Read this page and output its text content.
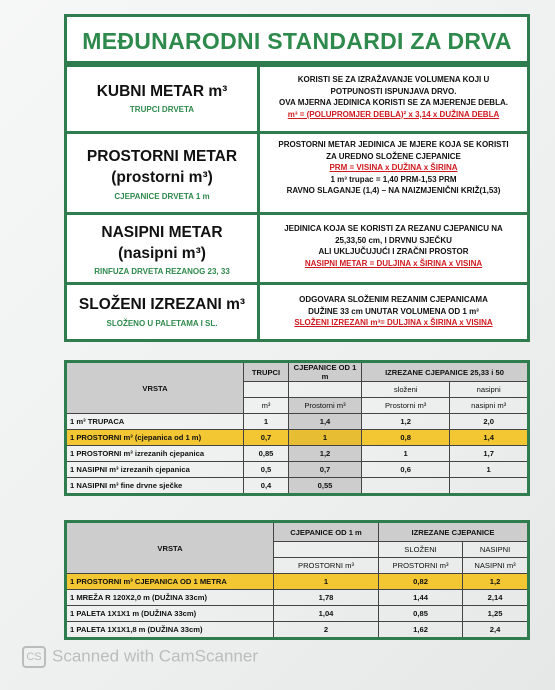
MEĐUNARODNI STANDARDI ZA DRVA
KUBNI METAR m³
TRUPCI DRVETA
KORISTI SE ZA IZRAŽAVANJE VOLUMENA KOJI U
POTPUNOSTI ISPUNJAVA DRVO.
OVA MJERNA JEDINICA KORISTI SE ZA MJERENJE DEBLA.
m³ = (POLUPROMJER DEBLA)² x 3,14 x DUŽINA DEBLA
PROSTORNI METAR
(prostorni m³)
CJEPANICE DRVETA 1 m
PROSTORNI METAR JEDINICA JE MJERE KOJA SE KORISTI
ZA UREDNO SLOŽENE CJEPANICE
PRM = VISINA x DUŽINA x ŠIRINA
1 m³ trupac = 1,40 PRM-1,53 PRM
RAVNO SLAGANJE (1,4) – NA NAIZMJENIČNI KRIŽ(1,53)
NASIPNI METAR
(nasipni m³)
RINFUZA DRVETA REZANOG 23, 33
JEDINICA KOJA SE KORISTI ZA REZANU CJEPANICU NA
25,33,50 cm, I DRVNU SJEČKU
ALI UKLJUČUJUĆI I ZRAČNI PROSTOR
NASIPNI METAR = DULJINA x ŠIRINA x VISINA
SLOŽENI IZREZANI m³
SLOŽENO U PALETAMA I SL.
ODGOVARA SLOŽENIM REZANIM CJEPANICAMA
DUŽINE 33 cm UNUTAR VOLUMENA OD 1 m³
SLOŽENI IZREZANI m³= DULJINA x ŠIRINA x VISINA
VRSTA	TRUPCI	CJEPANICE OD 1 m	IZREZANE CJEPANICE 25,33 i 50	
			složeni	nasipni
	m³	Prostorni m³	Prostorni m³	nasipni m³
1 m³ TRUPACA	1	1,4	1,2	2,0
1 PROSTORNI m³ (cjepanica od 1 m)	0,7	1	0,8	1,4
1 PROSTORNI m³ izrezanih cjepanica	0,85	1,2	1	1,7
1 NASIPNI m³ izrezanih cjepanica	0,5	0,7	0,6	1
1 NASIPNI m³ fine drvne sječke	0,4	0,55		
VRSTA	CJEPANICE OD 1 m	IZREZANE CJEPANICE	
		SLOŽENI	NASIPNI
	PROSTORNI m³	PROSTORNI m³	NASIPNI m³
1 PROSTORNI m³ CJEPANICA OD 1 METRA	1	0,82	1,2
1 MREŽA R 120X2,0 m (DUŽINA 33cm)	1,78	1,44	2,14
1 PALETA 1X1X1 m (DUŽINA 33cm)	1,04	0,85	1,25
1 PALETA 1X1X1,8 m (DUŽINA 33cm)	2	1,62	2,4
CS Scanned with CamScanner
